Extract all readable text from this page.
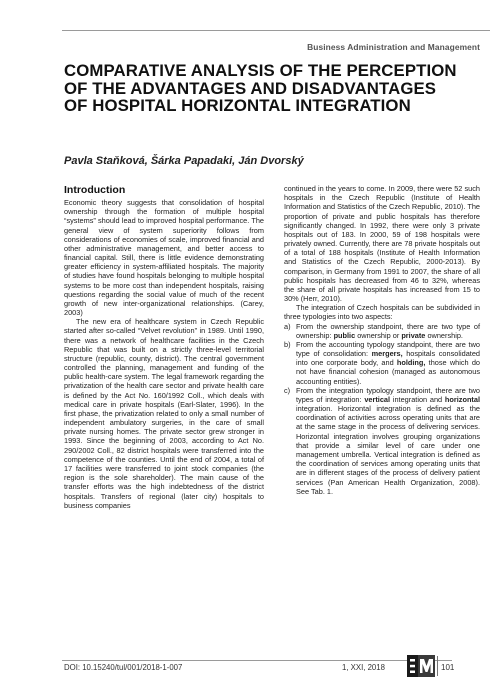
Business Administration and Management
COMPARATIVE ANALYSIS OF THE PERCEPTION OF THE ADVANTAGES AND DISADVANTAGES OF HOSPITAL HORIZONTAL INTEGRATION
Pavla Staňková, Šárka Papadaki, Ján Dvorský
Introduction

Economic theory suggests that consolidation of hospital ownership through the formation of multiple hospital “systems” should lead to improved hospital performance. The general view of system superiority follows from considerations of economies of scale, improved financial and other administrative management, and better access to financial capital. Still, there is little evidence demonstrating greater efficiency in system-affiliated hospitals. The majority of studies have found hospitals belonging to multiple hospital systems to be more cost than independent hospitals, raising questions regarding the social value of much of the recent growth of new inter-organizational relationships. (Carey, 2003)

The new era of healthcare system in Czech Republic started after so-called “Velvet revolution” in 1989. Until 1990, there was a network of healthcare facilities in the Czech Republic that was built on a strictly three-level territorial structure (republic, county, district). The central government controlled the planning, management and funding of the public health-care system. The legal framework regarding the privatization of the health care sector and private health care is defined by the Act No. 160/1992 Coll., which deals with medical care in private hospitals (Earl-Slater, 1996). In the first phase, the privatization related to only a small number of independent ambulatory surgeries, in the care of small private nursing homes. The private sector grew stronger in 1993. Since the beginning of 2003, according to Act No. 290/2002 Coll., 82 district hospitals were transferred into the competence of the counties. Until the end of 2004, a total of 17 facilities were transferred to joint stock companies (the region is the sole shareholder). The main cause of the transfer efforts was the high indebtedness of the district hospitals. Transfers of regional (later city) hospitals to business companies

continued in the years to come. In 2009, there were 52 such hospitals in the Czech Republic (Institute of Health Information and Statistics of the Czech Republic, 2010). The proportion of private and public hospitals has therefore significantly changed. In 1992, there were only 3 private hospitals out of 183. In 2000, 59 of 198 hospitals were privately owned. Currently, there are 78 private hospitals out of a total of 188 hospitals (Institute of Health Information and Statistics of the Czech Republic, 2000-2013). By comparison, in Germany from 1991 to 2007, the share of all public hospitals has decreased from 46 to 32%, whereas the share of all private hospitals has increased from 15 to 30% (Herr, 2010).

The integration of Czech hospitals can be subdivided in three typologies into two aspects:

a) From the ownership standpoint, there are two type of ownership: public ownership or private ownership.
b) From the accounting typology standpoint, there are two type of consolidation: mergers, hospitals consolidated into one corporate body, and holding, those which do not have financial cohesion (managed as autonomous accounting entities).
c) From the integration typology standpoint, there are two types of integration: vertical integration and horizontal integration. Horizontal integration is defined as the coordination of activities across operating units that are at the same stage in the process of delivering services. Horizontal integration involves grouping organizations that provide a similar level of care under one management umbrella. Vertical integration is defined as the coordination of services among operating units that are in different stages of the process of delivery patient services (Pan American Health Organization, 2008). See Tab. 1.
DOI: 10.15240/tul/001/2018-1-007	1, XXI, 2018	101
